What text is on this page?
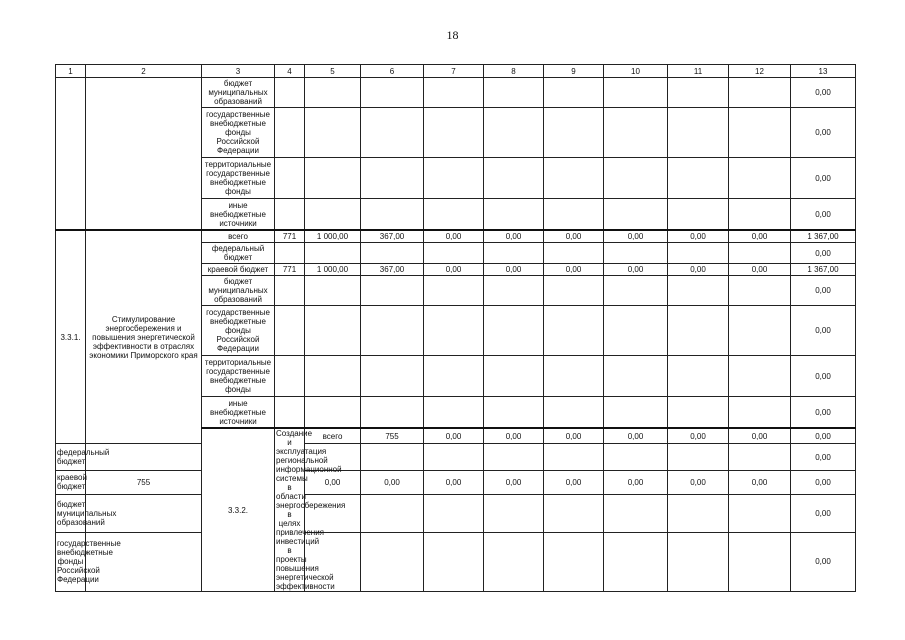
18
1	2	3	4	5	6	7	8	9	10	11	12	13	
		бюджет муниципальных образований										0,00	
		государственные внебюджетные фонды Российской Федерации										0,00	
		территориальные государственные внебюджетные фонды										0,00	
		иные внебюджетные источники										0,00	
3.3.1.	Стимулирование энергосбережения и повышения энергетической эффективности в отраслях экономики Приморского края	всего	771	1 000,00	367,00	0,00	0,00	0,00	0,00	0,00	0,00	1 367,00	
		федеральный бюджет										0,00	
		краевой бюджет	771	1 000,00	367,00	0,00	0,00	0,00	0,00	0,00	0,00	1 367,00	
		бюджет муниципальных образований										0,00	
		государственные внебюджетные фонды Российской Федерации										0,00	
		территориальные государственные внебюджетные фонды										0,00	
		иные внебюджетные источники										0,00	
		3.3.2.	Создание и эксплуатация региональной информационной системы в области энергосбережения в целях привлечения инвестиций в проекты повышения энергетической эффективности	всего	755	0,00	0,00	0,00	0,00	0,00	0,00	0,00		
федеральный бюджет												0,00	
краевой бюджет	755			0,00	0,00	0,00	0,00	0,00	0,00	0,00	0,00	0,00	
бюджет муниципальных образований												0,00	
государственные внебюджетные фонды Российской Федерации												0,00	
